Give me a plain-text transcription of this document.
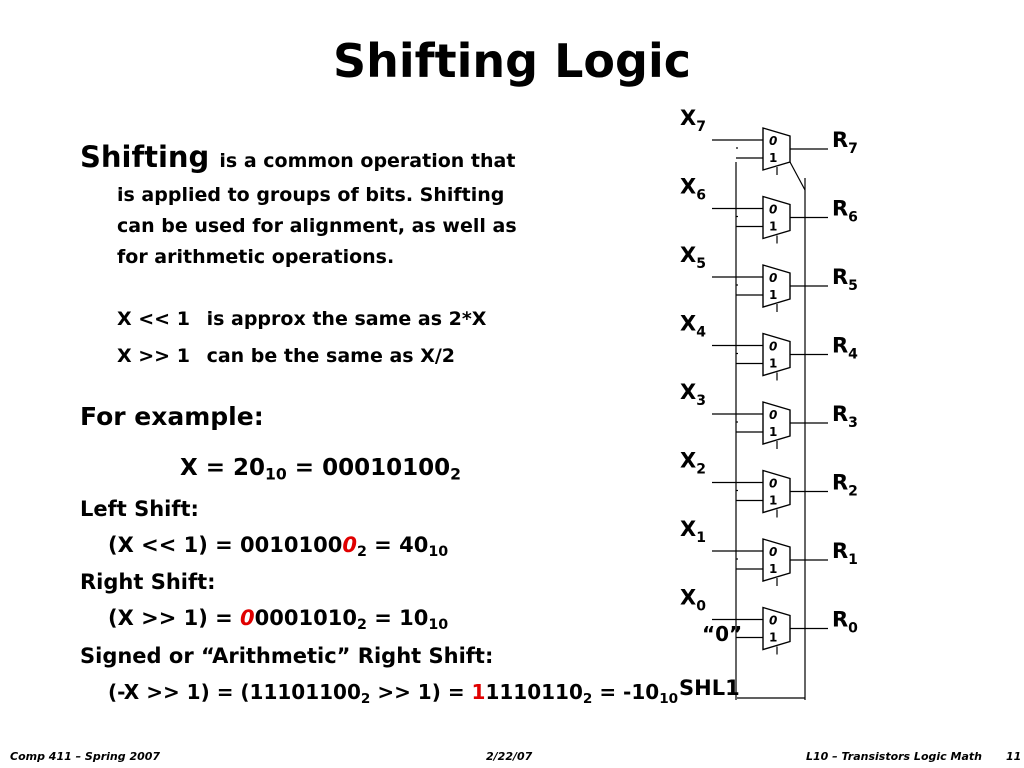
Shifting Logic
Shifting is a common operation that
is applied to groups of bits. Shifting
can be used for alignment, as well as
for arithmetic operations.
X << 1 is approx the same as 2*X
X >> 1 can be the same as X/2
For example:
$X = 20_{10} = 00010100_2$
Left Shift:
$(X << 1) = 00101000_2 = 40_{10}$
Right Shift:
$(X >> 1) = 00001010_2 = 10_{10}$
Signed or “Arithmetic” Right Shift:
$(-X >> 1) = (11101100_2 >> 1) = 11110110_2 = -10_{10}$
0
1
$X_7$
$R_7$
0
1
$X_6$
$R_6$
0
1
$X_5$
$R_5$
0
1
$X_4$
$R_4$
0
1
$X_3$
$R_3$
0
1
$X_2$
$R_2$
0
1
$X_1$
$R_1$
0
1
$X_0$
$R_0$
“0”
SHL1
Comp 411 – Spring 2007	2/22/07	L10 – Transistors Logic Math 11
